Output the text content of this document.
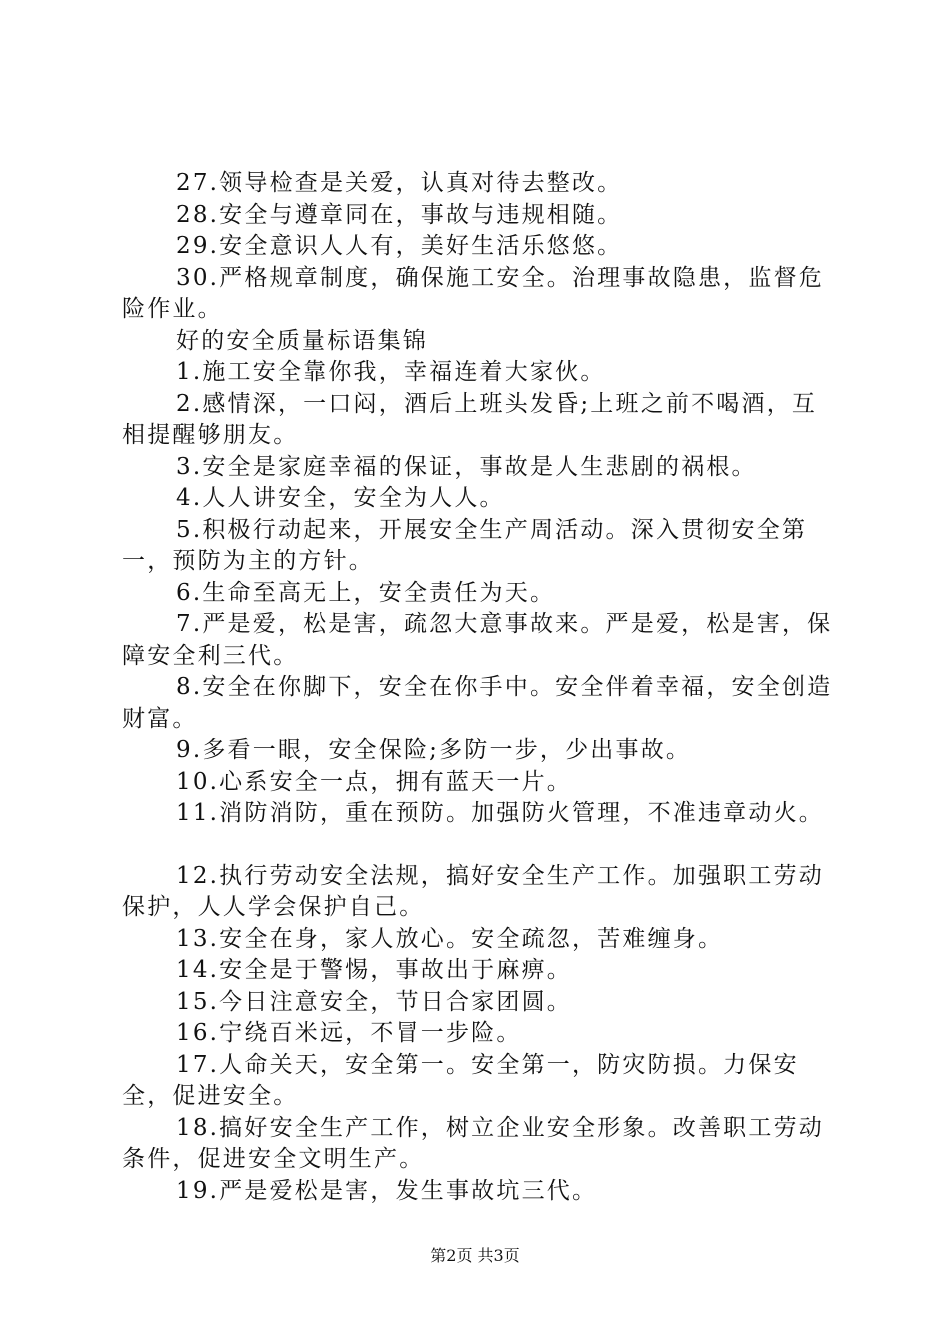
27.领导检查是关爱，认真对待去整改。

28.安全与遵章同在，事故与违规相随。

29.安全意识人人有，美好生活乐悠悠。

30.严格规章制度，确保施工安全。治理事故隐患，监督危险作业。

好的安全质量标语集锦

1.施工安全靠你我，幸福连着大家伙。

2.感情深，一口闷，酒后上班头发昏;上班之前不喝酒，互相提醒够朋友。

3.安全是家庭幸福的保证，事故是人生悲剧的祸根。

4.人人讲安全，安全为人人。

5.积极行动起来，开展安全生产周活动。深入贯彻安全第一，预防为主的方针。

6.生命至高无上，安全责任为天。

7.严是爱，松是害，疏忽大意事故来。严是爱，松是害，保障安全利三代。

8.安全在你脚下，安全在你手中。安全伴着幸福，安全创造财富。

9.多看一眼，安全保险;多防一步，少出事故。

10.心系安全一点，拥有蓝天一片。

11.消防消防，重在预防。加强防火管理，不准违章动火。

12.执行劳动安全法规，搞好安全生产工作。加强职工劳动保护，人人学会保护自己。

13.安全在身，家人放心。安全疏忽，苦难缠身。

14.安全是于警惕，事故出于麻痹。

15.今日注意安全，节日合家团圆。

16.宁绕百米远，不冒一步险。

17.人命关天，安全第一。安全第一，防灾防损。力保安全，促进安全。

18.搞好安全生产工作，树立企业安全形象。改善职工劳动条件，促进安全文明生产。

19.严是爱松是害，发生事故坑三代。

第2页 共3页
